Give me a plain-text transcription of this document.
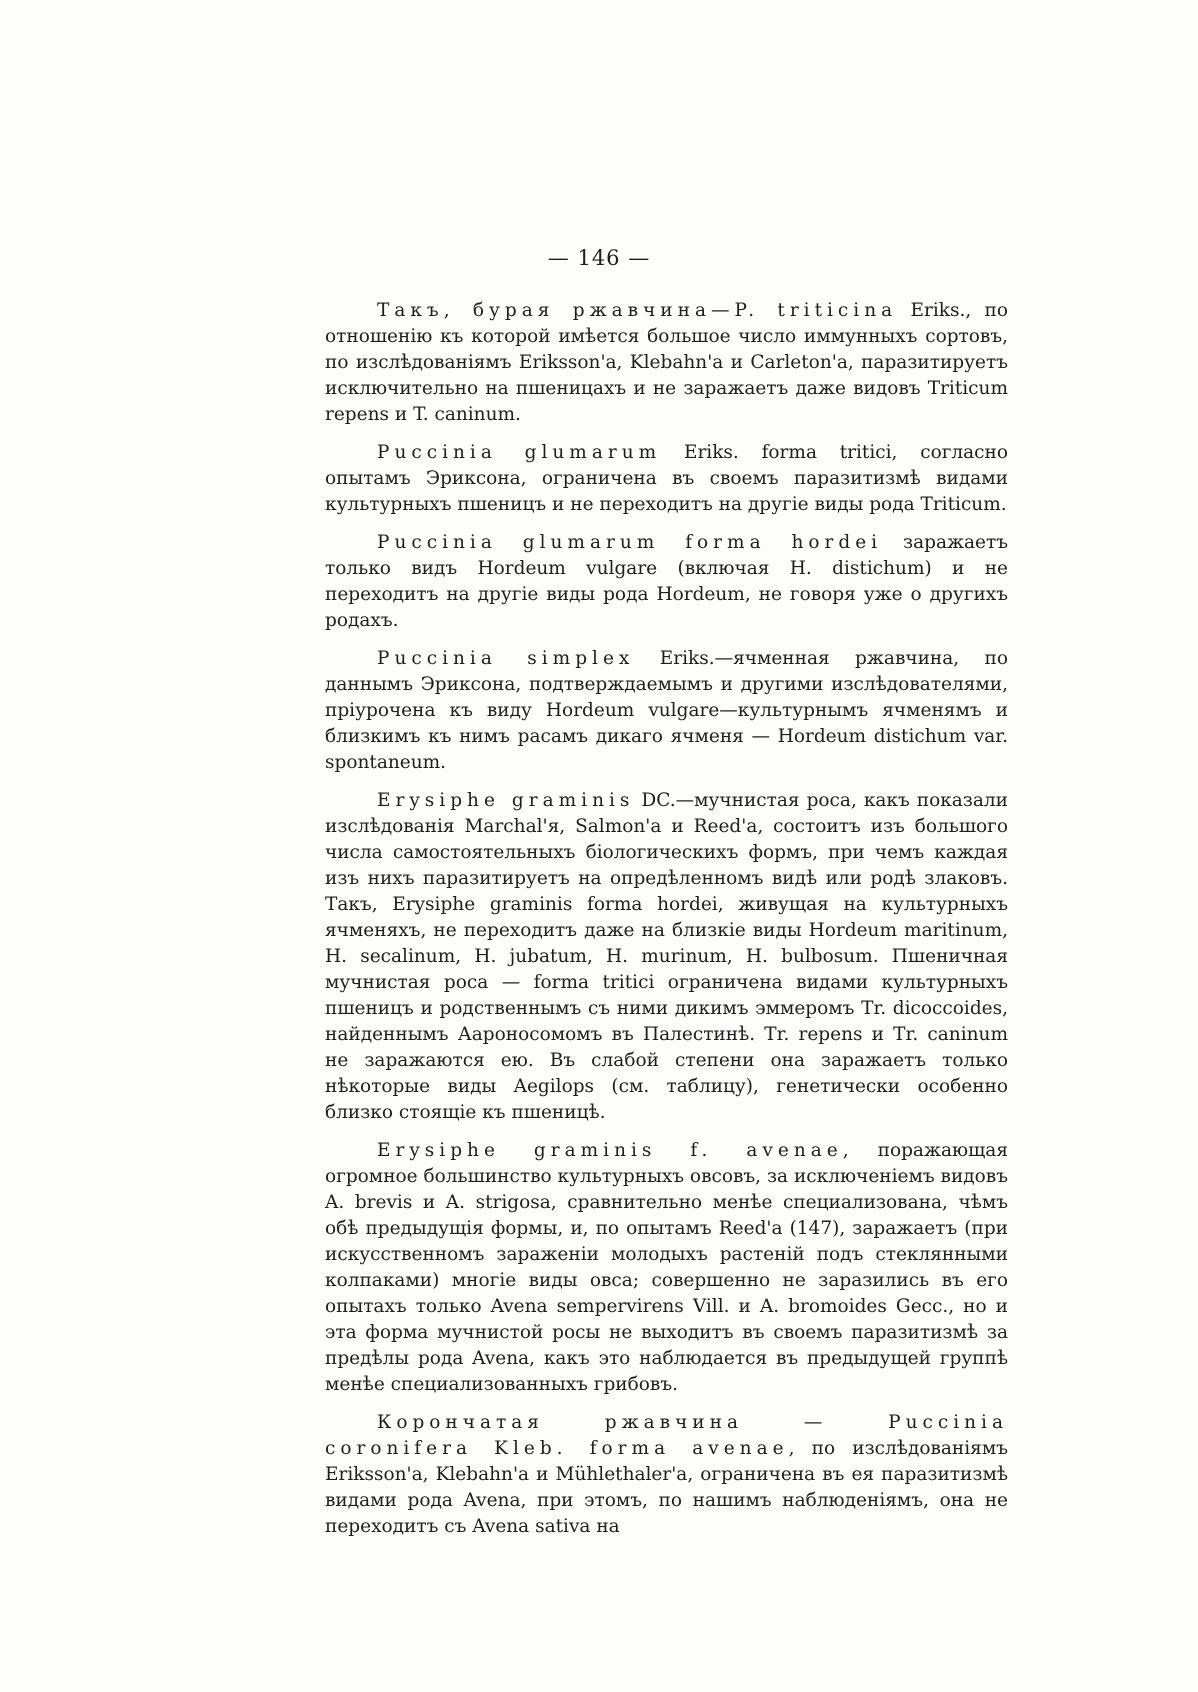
— 146 —

Такъ, бурая ржавчина—P. triticina Eriks., по отношенію къ которой имѣется большое число иммунныхъ сортовъ, по изслѣдованіямъ Eriksson'a, Klebahn'a и Carleton'a, паразитируетъ исключительно на пшеницахъ и не заражаетъ даже видовъ Triticum repens и T. caninum.

Puccinia glumarum Eriks. forma tritici, согласно опытамъ Эриксона, ограничена въ своемъ паразитизмѣ видами культурныхъ пшеницъ и не переходитъ на другіе виды рода Triticum.

Puccinia glumarum forma hordei заражаетъ только видъ Hordeum vulgare (включая H. distichum) и не переходитъ на другіе виды рода Hordeum, не говоря уже о другихъ родахъ.

Puccinia simplex Eriks.—ячменная ржавчина, по даннымъ Эриксона, подтверждаемымъ и другими изслѣдователями, пріурочена къ виду Hordeum vulgare—культурнымъ ячменямъ и близкимъ къ нимъ расамъ дикаго ячменя — Hordeum distichum var. spontaneum.

Erysiphe graminis DC.—мучнистая роса, какъ показали изслѣдованія Marchal'я, Salmon'a и Reed'a, состоитъ изъ большого числа самостоятельныхъ біологическихъ формъ, при чемъ каждая изъ нихъ паразитируетъ на опредѣленномъ видѣ или родѣ злаковъ. Такъ, Erysiphe graminis forma hordei, живущая на культурныхъ ячменяхъ, не переходитъ даже на близкіе виды Hordeum maritinum, H. secalinum, H. jubatum, H. murinum, H. bulbosum. Пшеничная мучнистая роса — forma tritici ограничена видами культурныхъ пшеницъ и родственнымъ съ ними дикимъ эммеромъ Tr. dicoccoides, найденнымъ Аароносомомъ въ Палестинѣ. Tr. repens и Tr. caninum не заражаются ею. Въ слабой степени она заражаетъ только нѣкоторые виды Aegilops (см. таблицу), генетически особенно близко стоящіе къ пшеницѣ.

Erysiphe graminis f. avenae, поражающая огромное большинство культурныхъ овсовъ, за исключеніемъ видовъ A. brevis и A. strigosa, сравнительно менѣе специализована, чѣмъ обѣ предыдущія формы, и, по опытамъ Reed'a (147), заражаетъ (при искусственномъ зараженіи молодыхъ растеній подъ стеклянными колпаками) многіе виды овса; совершенно не заразились въ его опытахъ только Avena sempervirens Vill. и A. bromoides Gecc., но и эта форма мучнистой росы не выходитъ въ своемъ паразитизмѣ за предѣлы рода Avena, какъ это наблюдается въ предыдущей группѣ менѣе специализованныхъ грибовъ.

Корончатая ржавчина — Puccinia coronifera Kleb. forma avenae, по изслѣдованіямъ Eriksson'a, Klebahn'a и Mühlethaler'a, ограничена въ ея паразитизмѣ видами рода Avena, при этомъ, по нашимъ наблюденіямъ, она не переходитъ съ Avena sativa на
